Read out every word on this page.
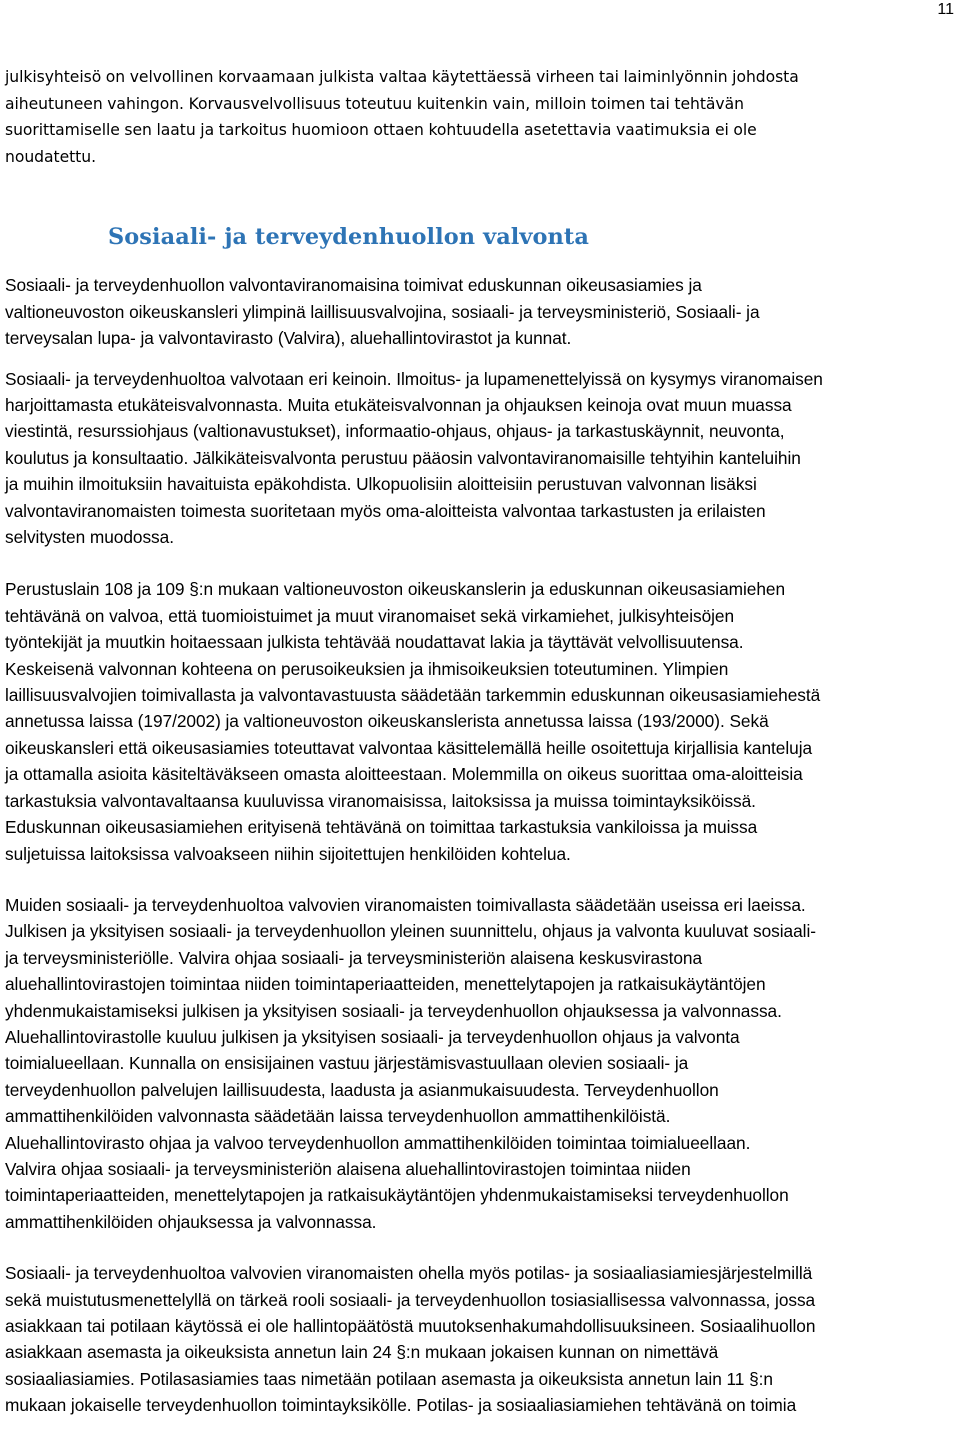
11
julkisyhteisö on velvollinen korvaamaan julkista valtaa käytettäessä virheen tai laiminlyönnin johdosta
aiheutuneen vahingon. Korvausvelvollisuus toteutuu kuitenkin vain, milloin toimen tai tehtävän
suorittamiselle sen laatu ja tarkoitus huomioon ottaen kohtuudella asetettavia vaatimuksia ei ole
noudatettu.
Sosiaali- ja terveydenhuollon valvonta
Sosiaali- ja terveydenhuollon valvontaviranomaisina toimivat eduskunnan oikeusasiamies ja
valtioneuvoston oikeuskansleri ylimpinä laillisuusvalvojina, sosiaali- ja terveysministeriö, Sosiaali- ja
terveysalan lupa- ja valvontavirasto (Valvira), aluehallintovirastot ja kunnat.
Sosiaali- ja terveydenhuoltoa valvotaan eri keinoin. Ilmoitus- ja lupamenettelyissä on kysymys viranomaisen
harjoittamasta etukäteisvalvonnasta. Muita etukäteisvalvonnan ja ohjauksen keinoja ovat muun muassa
viestintä, resurssiohjaus (valtionavustukset), informaatio-ohjaus, ohjaus- ja tarkastuskäynnit, neuvonta,
koulutus ja konsultaatio. Jälkikäteisvalvonta perustuu pääosin valvontaviranomaisille tehtyihin kanteluihin
ja muihin ilmoituksiin havaituista epäkohdista. Ulkopuolisiin aloitteisiin perustuvan valvonnan lisäksi
valvontaviranomaisten toimesta suoritetaan myös oma-aloitteista valvontaa tarkastusten ja erilaisten
selvitysten muodossa.
Perustuslain 108 ja 109 §:n mukaan valtioneuvoston oikeuskanslerin ja eduskunnan oikeusasiamiehen
tehtävänä on valvoa, että tuomioistuimet ja muut viranomaiset sekä virkamiehet, julkisyhteisöjen
työntekijät ja muutkin hoitaessaan julkista tehtävää noudattavat lakia ja täyttävät velvollisuutensa.
Keskeisenä valvonnan kohteena on perusoikeuksien ja ihmisoikeuksien toteutuminen. Ylimpien
laillisuusvalvojien toimivallasta ja valvontavastuusta säädetään tarkemmin eduskunnan oikeusasiamiehestä
annetussa laissa (197/2002) ja valtioneuvoston oikeuskanslerista annetussa laissa (193/2000). Sekä
oikeuskansleri että oikeusasiamies toteuttavat valvontaa käsittelemällä heille osoitettuja kirjallisia kanteluja
ja ottamalla asioita käsiteltäväkseen omasta aloitteestaan. Molemmilla on oikeus suorittaa oma-aloitteisia
tarkastuksia valvontavaltaansa kuuluvissa viranomaisissa, laitoksissa ja muissa toimintayksiköissä.
Eduskunnan oikeusasiamiehen erityisenä tehtävänä on toimittaa tarkastuksia vankiloissa ja muissa
suljetuissa laitoksissa valvoakseen niihin sijoitettujen henkilöiden kohtelua.
Muiden sosiaali- ja terveydenhuoltoa valvovien viranomaisten toimivallasta säädetään useissa eri laeissa.
Julkisen ja yksityisen sosiaali- ja terveydenhuollon yleinen suunnittelu, ohjaus ja valvonta kuuluvat sosiaali-
ja terveysministeriölle. Valvira ohjaa sosiaali- ja terveysministeriön alaisena keskusvirastona
aluehallintovirastojen toimintaa niiden toimintaperiaatteiden, menettelytapojen ja ratkaisukäytäntöjen
yhdenmukaistamiseksi julkisen ja yksityisen sosiaali- ja terveydenhuollon ohjauksessa ja valvonnassa.
Aluehallintovirastolle kuuluu julkisen ja yksityisen sosiaali- ja terveydenhuollon ohjaus ja valvonta
toimialueellaan. Kunnalla on ensisijainen vastuu järjestämisvastuullaan olevien sosiaali- ja
terveydenhuollon palvelujen laillisuudesta, laadusta ja asianmukaisuudesta. Terveydenhuollon
ammattihenkilöiden valvonnasta säädetään laissa terveydenhuollon ammattihenkilöistä.
Aluehallintovirasto ohjaa ja valvoo terveydenhuollon ammattihenkilöiden toimintaa toimialueellaan.
Valvira ohjaa sosiaali- ja terveysministeriön alaisena aluehallintovirastojen toimintaa niiden
toimintaperiaatteiden, menettelytapojen ja ratkaisukäytäntöjen yhdenmukaistamiseksi terveydenhuollon
ammattihenkilöiden ohjauksessa ja valvonnassa.
Sosiaali- ja terveydenhuoltoa valvovien viranomaisten ohella myös potilas- ja sosiaaliasiamiesjärjestelmillä
sekä muistutusmenettelyllä on tärkeä rooli sosiaali- ja terveydenhuollon tosiasiallisessa valvonnassa, jossa
asiakkaan tai potilaan käytössä ei ole hallintopäätöstä muutoksenhakumahdollisuuksineen. Sosiaalihuollon
asiakkaan asemasta ja oikeuksista annetun lain 24 §:n mukaan jokaisen kunnan on nimettävä
sosiaaliasiamies. Potilasasiamies taas nimetään potilaan asemasta ja oikeuksista annetun lain 11 §:n
mukaan jokaiselle terveydenhuollon toimintayksikölle. Potilas- ja sosiaaliasiamiehen tehtävänä on toimia
